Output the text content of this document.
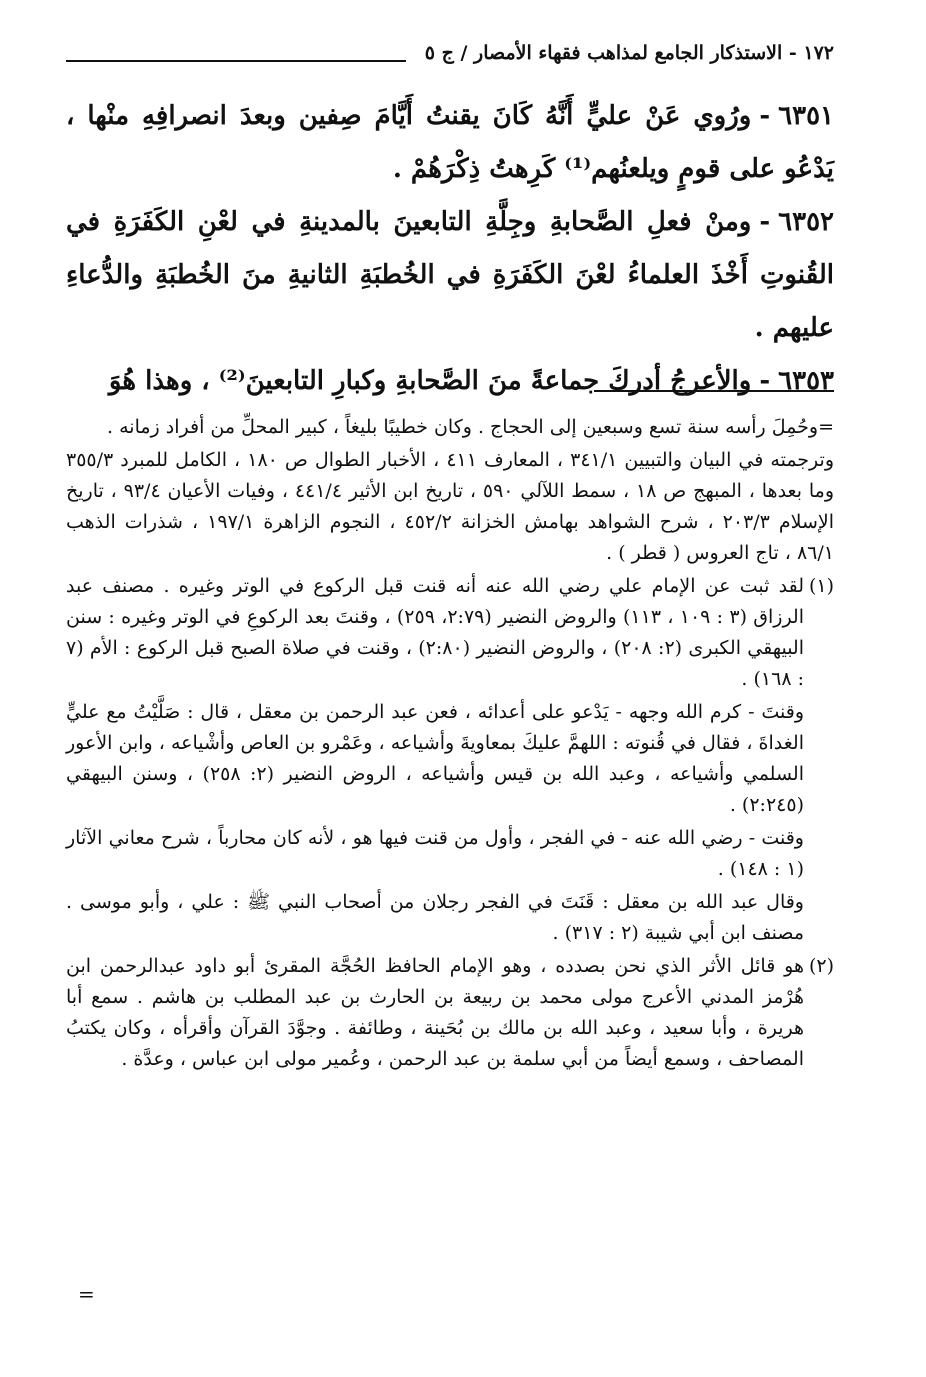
١٧٢ - الاستذكار الجامع لمذاهب فقهاء الأمصار / ج ٥

٦٣٥١-ورُوي عَنْ عليٍّ أَنَّهُ كَانَ يقنتُ أَيَّامَ صِفين وبعدَ انصرافِهِ منْها ، يَدْعُو على قومٍ ويلعنُهم⁽¹⁾ كَرِهتُ ذِكْرَهُمْ .

٦٣٥٢-ومنْ فعلِ الصَّحابةِ وجِلَّةِ التابعينَ بالمدينةِ في لعْنِ الكَفَرَةِ في القُنوتِ أَخْذَ العلماءُ لعْنَ الكَفَرَةِ في الخُطبَةِ الثانيةِ منَ الخُطبَةِ والدُّعاءِ عليهم .

٦٣٥٣-والأعرجُ أدركَ جماعةً منَ الصَّحابةِ وكبارِ التابعينَ⁽²⁾ ، وهذا هُوَ

=وحُمِلَ رأسه سنة تسع وسبعين إلى الحجاج . وكان خطيبًا بليغاً ، كبير المحلِّ من أفراد زمانه .

وترجمته في البيان والتبيين ٣٤١/١ ، المعارف ٤١١ ، الأخبار الطوال ص ١٨٠ ، الكامل للمبرد ٣٥٥/٣ وما بعدها ، المبهج ص ١٨ ، سمط اللآلي ٥٩٠ ، تاريخ ابن الأثير ٤٤١/٤ ، وفيات الأعيان ٩٣/٤ ، تاريخ الإسلام ٢٠٣/٣ ، شرح الشواهد بهامش الخزانة ٤٥٢/٢ ، النجوم الزاهرة ١٩٧/١ ، شذرات الذهب ٨٦/١ ، تاج العروس ( قطر ) .

(١)

لقد ثبت عن الإمام علي رضي الله عنه أنه قنت قبل الركوع في الوتر وغيره . مصنف عبد الرزاق (٣ : ١٠٩ ، ١١٣) والروض النضير (٢:٧٩، ٢٥٩) ، وقنتَ بعد الركوعِ في الوتر وغيره : سنن البيهقي الكبرى (٢: ٢٠٨) ، والروض النضير (٢:٨٠) ، وقنت في صلاة الصبح قبل الركوع : الأم (٧ : ١٦٨) .

وقنتَ - كرم الله وجهه - يَدْعو على أعدائه ، فعن عبد الرحمن بن معقل ، قال : صَلَّيْتُ مع عليٍّ الغداةَ ، فقال في قُنوته : اللهمَّ عليكَ بمعاويةَ وأشياعه ، وعَمْرو بن العاص وأشْياعه ، وابن الأعور السلمي وأشياعه ، وعبد الله بن قيس وأشياعه ، الروض النضير (٢: ٢٥٨) ، وسنن البيهقي (٢:٢٤٥) .

وقنت - رضي الله عنه - في الفجر ، وأول من قنت فيها هو ، لأنه كان محارباً ، شرح معاني الآثار (١ : ١٤٨) .

وقال عبد الله بن معقل : قَنَتَ في الفجر رجلان من أصحاب النبي ﷺ : علي ، وأبو موسى . مصنف ابن أبي شيبة (٢ : ٣١٧) .

(٢)

هو قائل الأثر الذي نحن بصدده ، وهو الإمام الحافظ الحُجَّة المقرئ أبو داود عبدالرحمن ابن هُرْمز المدني الأعرج مولى محمد بن ربيعة بن الحارث بن عبد المطلب بن هاشم . سمع أبا هريرة ، وأبا سعيد ، وعبد الله بن مالك بن بُحَينة ، وطائفة . وجوَّدَ القرآن وأقرأه ، وكان يكتبُ المصاحف ، وسمع أيضاً من أبي سلمة بن عبد الرحمن ، وعُمير مولى ابن عباس ، وعدَّة .

=
